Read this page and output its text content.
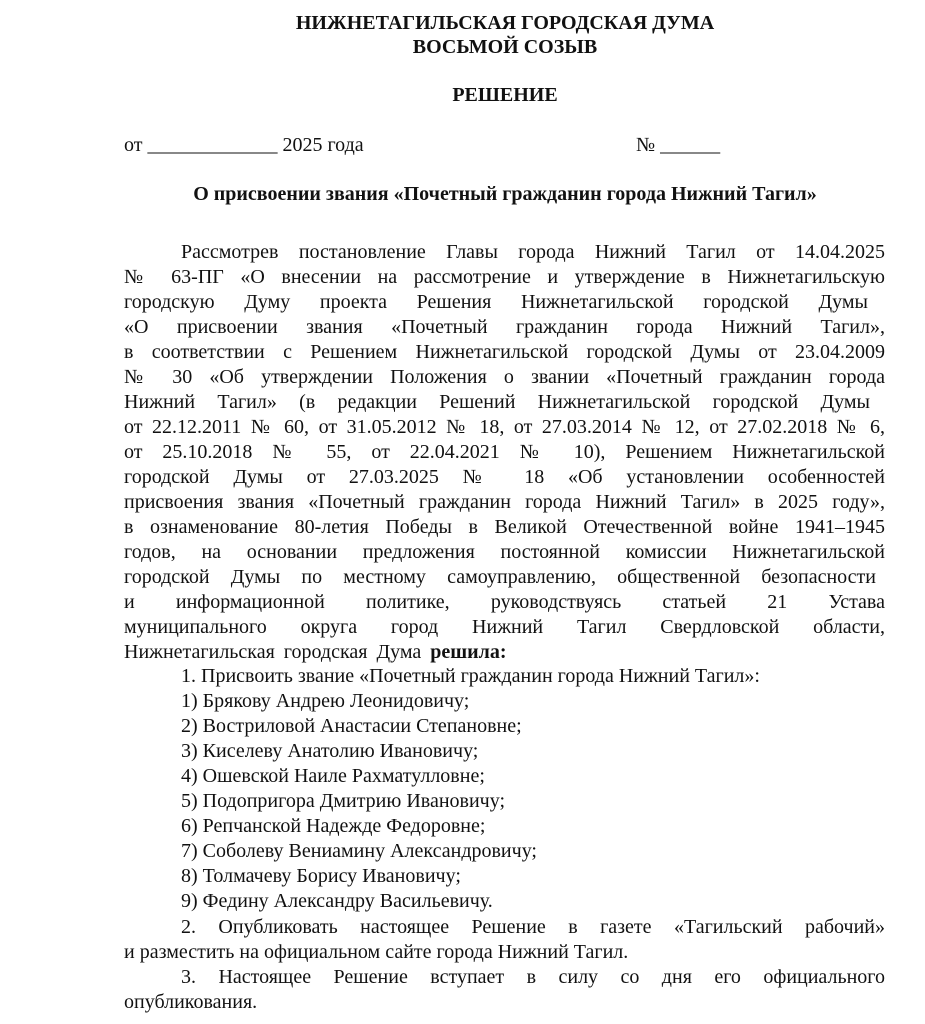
НИЖНЕТАГИЛЬСКАЯ ГОРОДСКАЯ ДУМА
ВОСЬМОЙ СОЗЫВ
РЕШЕНИЕ
от _____________ 2025 года	№ ______
О присвоении звания «Почетный гражданин города Нижний Тагил»
Рассмотрев постановление Главы города Нижний Тагил от 14.04.2025
№ 63-ПГ «О внесении на рассмотрение и утверждение в Нижнетагильскую
городскую Думу проекта Решения Нижнетагильской городской Думы
«О присвоении звания «Почетный гражданин города Нижний Тагил»,
в соответствии с Решением Нижнетагильской городской Думы от 23.04.2009
№ 30 «Об утверждении Положения о звании «Почетный гражданин города
Нижний Тагил» (в редакции Решений Нижнетагильской городской Думы
от 22.12.2011 № 60, от 31.05.2012 № 18, от 27.03.2014 № 12, от 27.02.2018 № 6,
от 25.10.2018 № 55, от 22.04.2021 № 10), Решением Нижнетагильской
городской Думы от 27.03.2025 № 18 «Об установлении особенностей
присвоения звания «Почетный гражданин города Нижний Тагил» в 2025 году»,
в ознаменование 80-летия Победы в Великой Отечественной войне 1941–1945
годов, на основании предложения постоянной комиссии Нижнетагильской
городской Думы по местному самоуправлению, общественной безопасности
и информационной политике, руководствуясь статьей 21 Устава
муниципального округа город Нижний Тагил Свердловской области,
Нижнетагильская городская Дума решила:
1. Присвоить звание «Почетный гражданин города Нижний Тагил»:
1) Брякову Андрею Леонидовичу;
2) Востриловой Анастасии Степановне;
3) Киселеву Анатолию Ивановичу;
4) Ошевской Наиле Рахматулловне;
5) Подопригора Дмитрию Ивановичу;
6) Репчанской Надежде Федоровне;
7) Соболеву Вениамину Александровичу;
8) Толмачеву Борису Ивановичу;
9) Федину Александру Васильевичу.
2. Опубликовать настоящее Решение в газете «Тагильский рабочий»
и разместить на официальном сайте города Нижний Тагил.
3. Настоящее Решение вступает в силу со дня его официального
опубликования.
